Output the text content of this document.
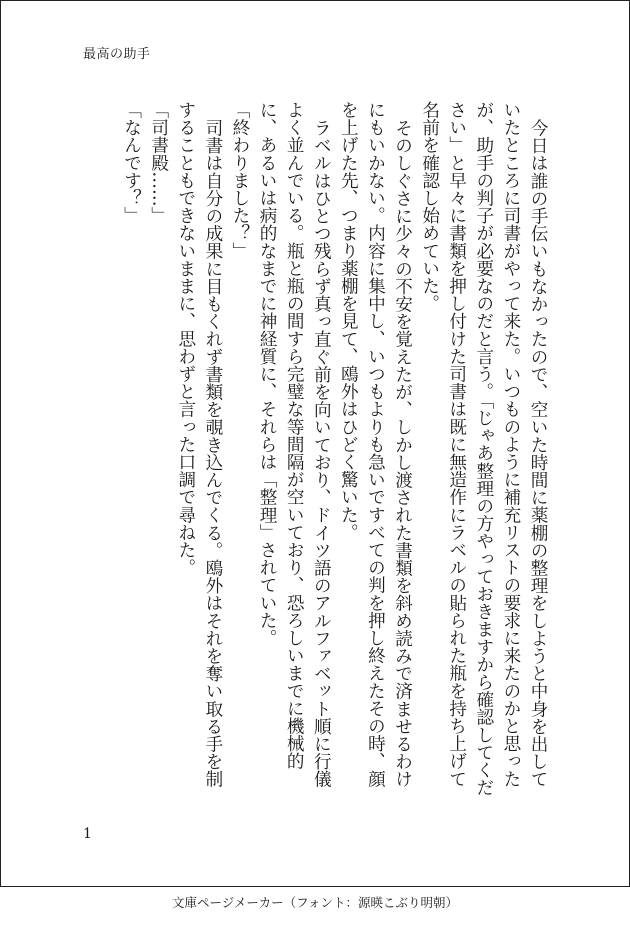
最高の助手

今日は誰の手伝いもなかったので、空いた時間に薬棚の整理をしようと中身を出していたところに司書がやって来た。いつものように補充リストの要求に来たのかと思ったが、助手の判子が必要なのだと言う。「じゃあ整理の方やっておきますから確認してください」と早々に書類を押し付けた司書は既に無造作にラベルの貼られた瓶を持ち上げて名前を確認し始めていた。

そのしぐさに少々の不安を覚えたが、しかし渡された書類を斜め読みで済ませるわけにもいかない。内容に集中し、いつもよりも急いですべての判を押し終えたその時、顔を上げた先、つまり薬棚を見て、鴎外はひどく驚いた。

ラベルはひとつ残らず真っ直ぐ前を向いており、ドイツ語のアルファベット順に行儀よく並んでいる。瓶と瓶の間すら完璧な等間隔が空いており、恐ろしいまでに機械的に、あるいは病的なまでに神経質に、それらは「整理」されていた。

「終わりました？」

司書は自分の成果に目もくれず書類を覗き込んでくる。鴎外はそれを奪い取る手を制することもできないままに、思わずと言った口調で尋ねた。

「司書殿……」

「なんです？」

1
文庫ページメーカー（フォント：源暎こぶり明朝）
